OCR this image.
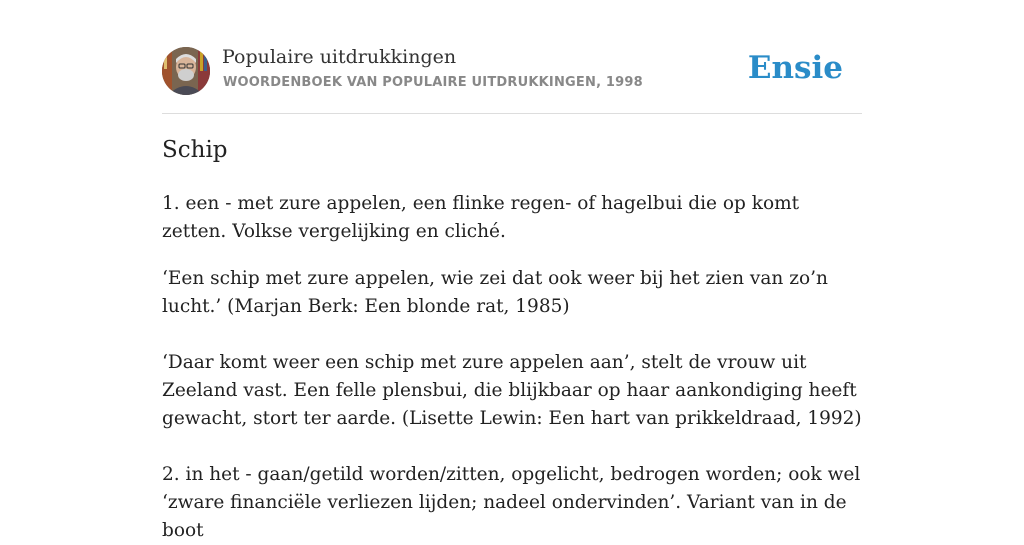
Populaire uitdrukkingen
WOORDENBOEK VAN POPULAIRE UITDRUKKINGEN, 1998	Ensie
Schip

1. een - met zure appelen, een flinke regen- of hagelbui die op komt zetten. Volkse vergelijking en cliché.

‘Een schip met zure appelen, wie zei dat ook weer bij het zien van zo’n lucht.’ (Marjan Berk: Een blonde rat, 1985)

‘Daar komt weer een schip met zure appelen aan’, stelt de vrouw uit Zeeland vast. Een felle plensbui, die blijkbaar op haar aankondiging heeft gewacht, stort ter aarde. (Lisette Lewin: Een hart van prikkeldraad, 1992)

2. in het - gaan/getild worden/zitten, opgelicht, bedrogen worden; ook wel ‘zware financiële verliezen lijden; nadeel ondervinden’. Variant van in de boot
